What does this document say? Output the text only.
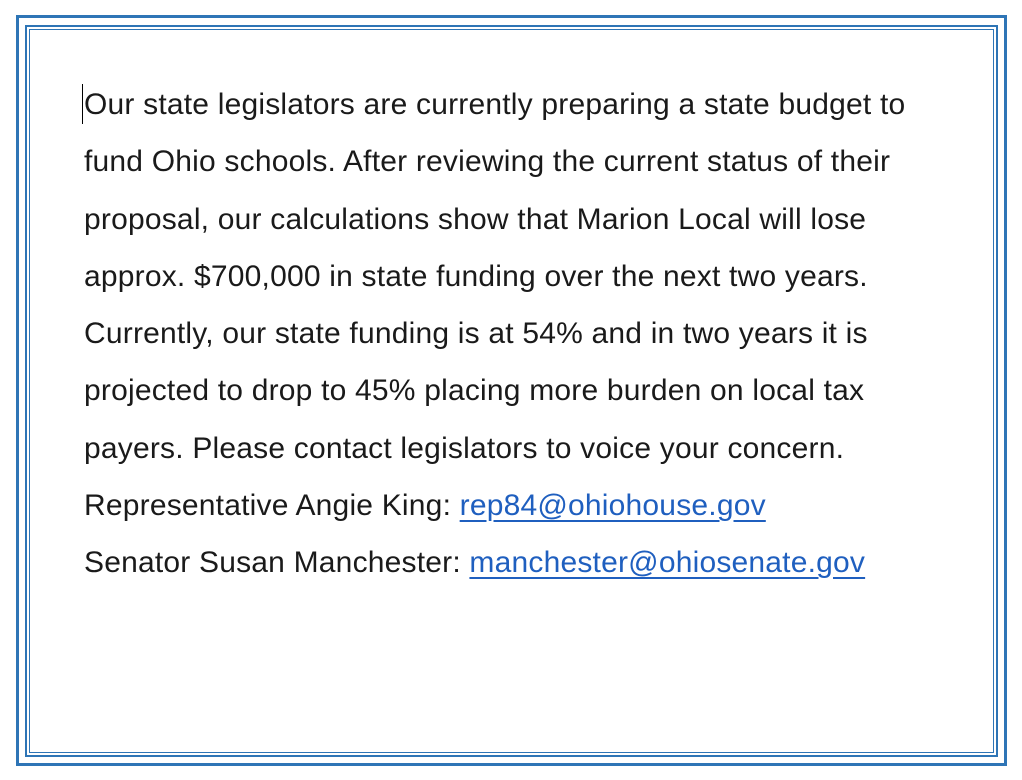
Our state legislators are currently preparing a state budget to fund Ohio schools. After reviewing the current status of their proposal, our calculations show that Marion Local will lose approx. $700,000 in state funding over the next two years. Currently, our state funding is at 54% and in two years it is projected to drop to 45% placing more burden on local tax payers. Please contact legislators to voice your concern.

Representative Angie King: rep84@ohiohouse.gov

Senator Susan Manchester: manchester@ohiosenate.gov
